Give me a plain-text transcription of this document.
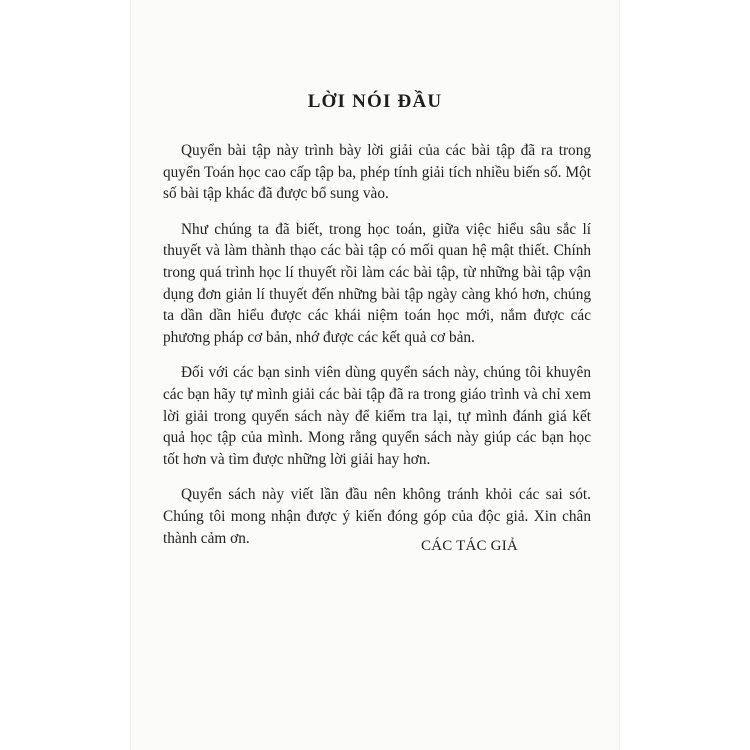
LỜI NÓI ĐẦU

Quyển bài tập này trình bày lời giải của các bài tập đã ra trong quyển Toán học cao cấp tập ba, phép tính giải tích nhiều biến số. Một số bài tập khác đã được bổ sung vào.

Như chúng ta đã biết, trong học toán, giữa việc hiểu sâu sắc lí thuyết và làm thành thạo các bài tập có mối quan hệ mật thiết. Chính trong quá trình học lí thuyết rồi làm các bài tập, từ những bài tập vận dụng đơn giản lí thuyết đến những bài tập ngày càng khó hơn, chúng ta dần dần hiểu được các khái niệm toán học mới, nắm được các phương pháp cơ bản, nhớ được các kết quả cơ bản.

Đối với các bạn sinh viên dùng quyển sách này, chúng tôi khuyên các bạn hãy tự mình giải các bài tập đã ra trong giáo trình và chỉ xem lời giải trong quyển sách này để kiểm tra lại, tự mình đánh giá kết quả học tập của mình. Mong rằng quyển sách này giúp các bạn học tốt hơn và tìm được những lời giải hay hơn.

Quyển sách này viết lần đầu nên không tránh khỏi các sai sót. Chúng tôi mong nhận được ý kiến đóng góp của độc giả. Xin chân thành cảm ơn.	CÁC TÁC GIẢ
